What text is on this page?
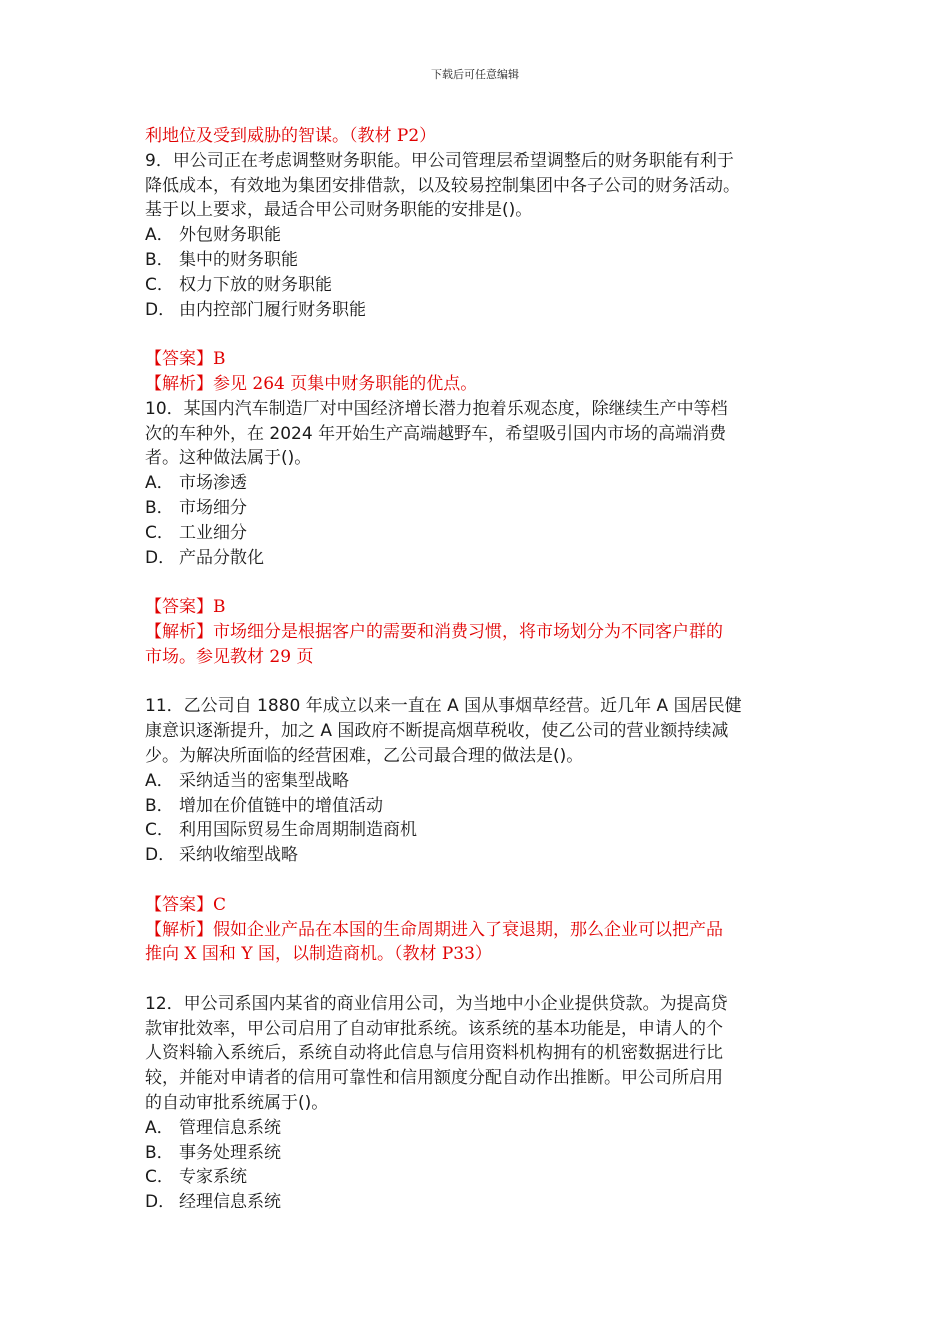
下载后可任意编辑
利地位及受到威胁的智谋。（教材 P2）
9．甲公司正在考虑调整财务职能。甲公司管理层希望调整后的财务职能有利于
降低成本，有效地为集团安排借款，以及较易控制集团中各子公司的财务活动。
基于以上要求，最适合甲公司财务职能的安排是()。
A． 外包财务职能
B． 集中的财务职能
C． 权力下放的财务职能
D． 由内控部门履行财务职能
【答案】B
【解析】参见 264 页集中财务职能的优点。
10．某国内汽车制造厂对中国经济增长潜力抱着乐观态度，除继续生产中等档
次的车种外，在 2024 年开始生产高端越野车，希望吸引国内市场的高端消费
者。这种做法属于()。
A． 市场渗透
B． 市场细分
C． 工业细分
D． 产品分散化
【答案】B
【解析】市场细分是根据客户的需要和消费习惯，将市场划分为不同客户群的
市场。参见教材 29 页
11．乙公司自 1880 年成立以来一直在 A 国从事烟草经营。近几年 A 国居民健
康意识逐渐提升，加之 A 国政府不断提高烟草税收，使乙公司的营业额持续减
少。为解决所面临的经营困难，乙公司最合理的做法是()。
A． 采纳适当的密集型战略
B． 增加在价值链中的增值活动
C． 利用国际贸易生命周期制造商机
D． 采纳收缩型战略
【答案】C
【解析】假如企业产品在本国的生命周期进入了衰退期，那么企业可以把产品
推向 X 国和 Y 国，以制造商机。（教材 P33）
12．甲公司系国内某省的商业信用公司，为当地中小企业提供贷款。为提高贷
款审批效率，甲公司启用了自动审批系统。该系统的基本功能是，申请人的个
人资料输入系统后，系统自动将此信息与信用资料机构拥有的机密数据进行比
较，并能对申请者的信用可靠性和信用额度分配自动作出推断。甲公司所启用
的自动审批系统属于()。
A． 管理信息系统
B． 事务处理系统
C． 专家系统
D． 经理信息系统
